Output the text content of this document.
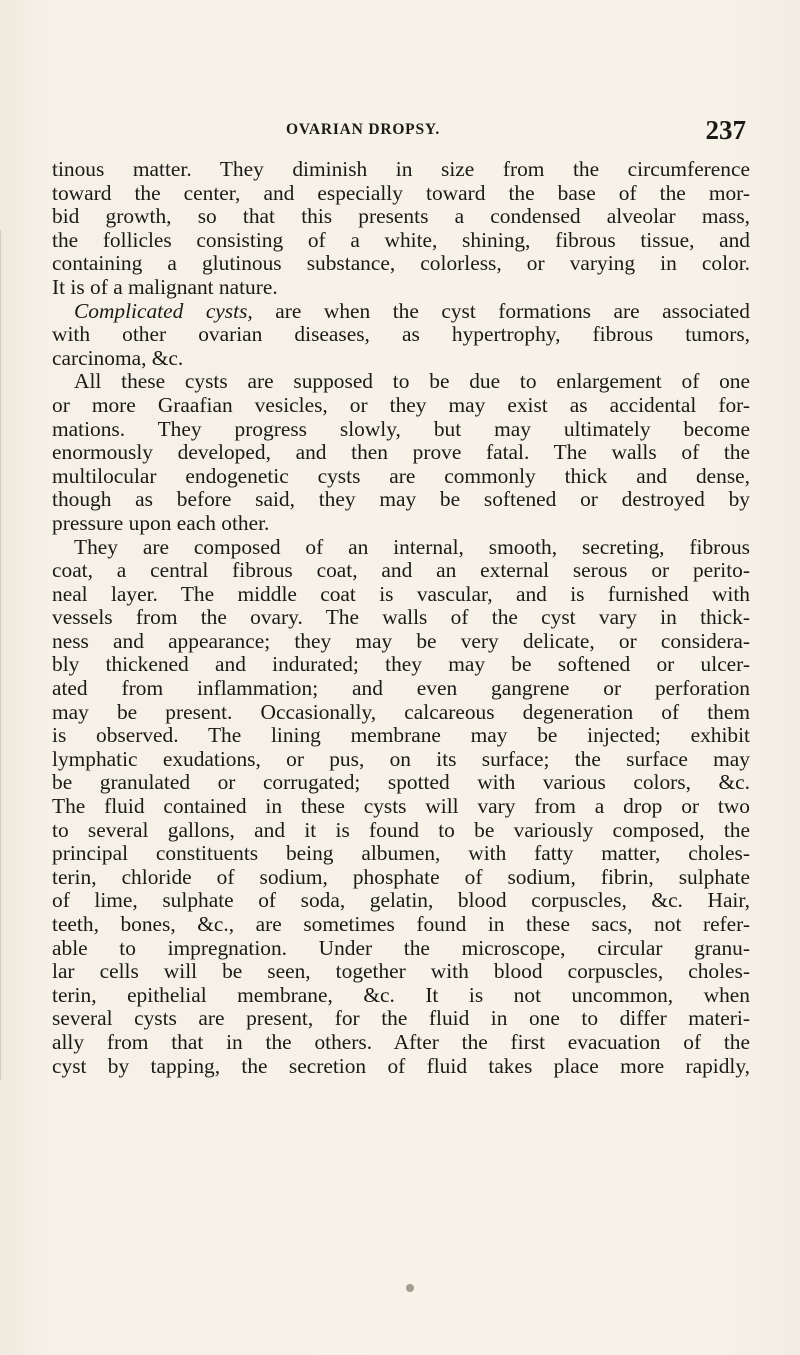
OVARIAN DROPSY.	237
tinous matter. They diminish in size from the circumference
toward the center, and especially toward the base of the mor-
bid growth, so that this presents a condensed alveolar mass,
the follicles consisting of a white, shining, fibrous tissue, and
containing a glutinous substance, colorless, or varying in color.
It is of a malignant nature.
Complicated cysts, are when the cyst formations are associated
with other ovarian diseases, as hypertrophy, fibrous tumors,
carcinoma, &c.
All these cysts are supposed to be due to enlargement of one
or more Graafian vesicles, or they may exist as accidental for-
mations. They progress slowly, but may ultimately become
enormously developed, and then prove fatal. The walls of the
multilocular endogenetic cysts are commonly thick and dense,
though as before said, they may be softened or destroyed by
pressure upon each other.
They are composed of an internal, smooth, secreting, fibrous
coat, a central fibrous coat, and an external serous or perito-
neal layer. The middle coat is vascular, and is furnished with
vessels from the ovary. The walls of the cyst vary in thick-
ness and appearance; they may be very delicate, or considera-
bly thickened and indurated; they may be softened or ulcer-
ated from inflammation; and even gangrene or perforation
may be present. Occasionally, calcareous degeneration of them
is observed. The lining membrane may be injected; exhibit
lymphatic exudations, or pus, on its surface; the surface may
be granulated or corrugated; spotted with various colors, &c.
The fluid contained in these cysts will vary from a drop or two
to several gallons, and it is found to be variously composed, the
principal constituents being albumen, with fatty matter, choles-
terin, chloride of sodium, phosphate of sodium, fibrin, sulphate
of lime, sulphate of soda, gelatin, blood corpuscles, &c. Hair,
teeth, bones, &c., are sometimes found in these sacs, not refer-
able to impregnation. Under the microscope, circular granu-
lar cells will be seen, together with blood corpuscles, choles-
terin, epithelial membrane, &c. It is not uncommon, when
several cysts are present, for the fluid in one to differ materi-
ally from that in the others. After the first evacuation of the
cyst by tapping, the secretion of fluid takes place more rapidly,
